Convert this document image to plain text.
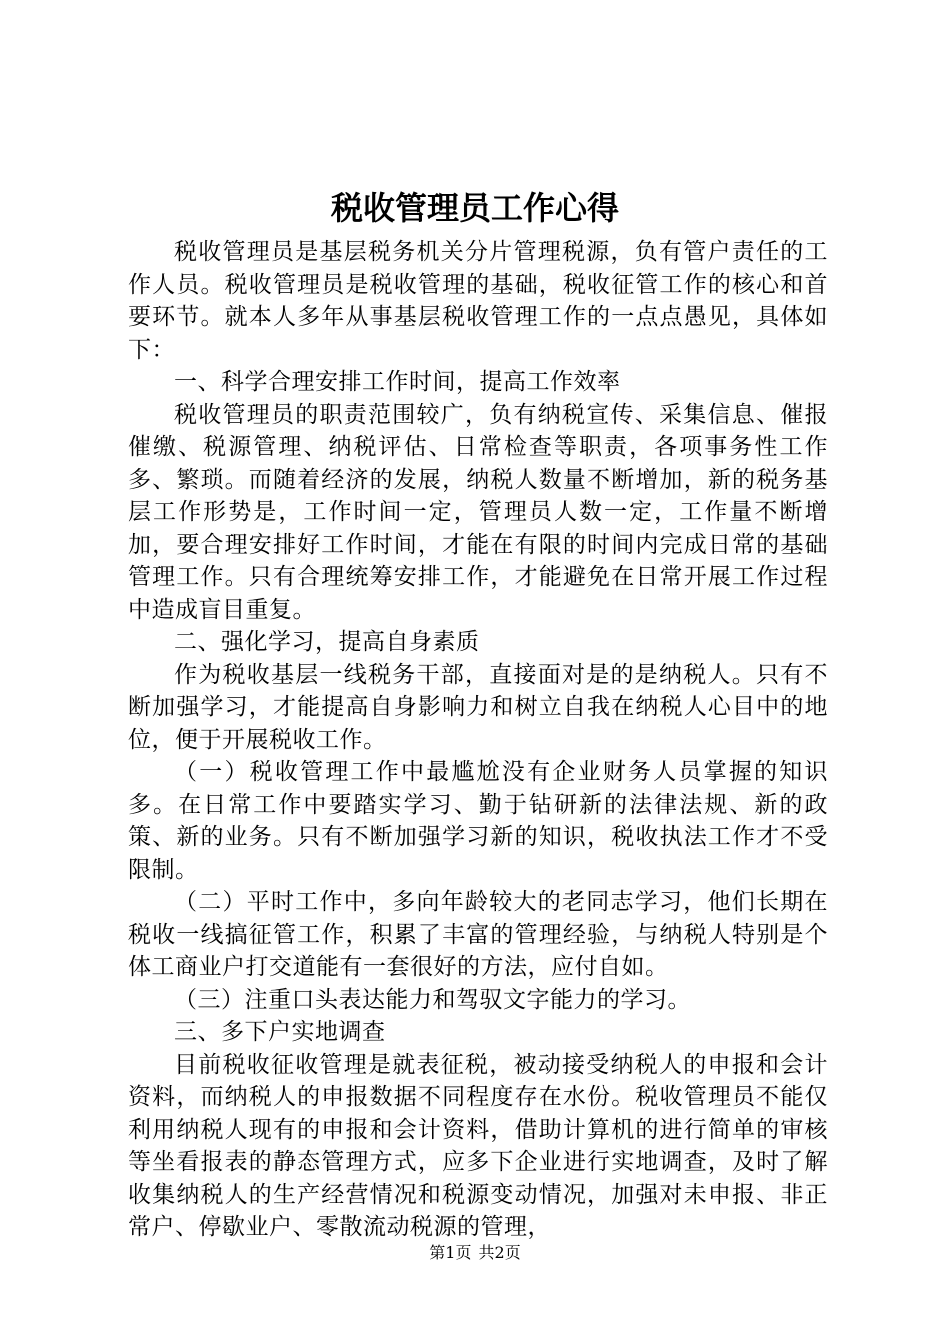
税收管理员工作心得

税收管理员是基层税务机关分片管理税源，负有管户责任的工作人员。税收管理员是税收管理的基础，税收征管工作的核心和首要环节。就本人多年从事基层税收管理工作的一点点愚见，具体如下：

一、科学合理安排工作时间，提高工作效率

税收管理员的职责范围较广，负有纳税宣传、采集信息、催报催缴、税源管理、纳税评估、日常检查等职责，各项事务性工作多、繁琐。而随着经济的发展，纳税人数量不断增加，新的税务基层工作形势是，工作时间一定，管理员人数一定，工作量不断增加，要合理安排好工作时间，才能在有限的时间内完成日常的基础管理工作。只有合理统筹安排工作，才能避免在日常开展工作过程中造成盲目重复。

二、强化学习，提高自身素质

作为税收基层一线税务干部，直接面对是的是纳税人。只有不断加强学习，才能提高自身影响力和树立自我在纳税人心目中的地位，便于开展税收工作。

（一）税收管理工作中最尴尬没有企业财务人员掌握的知识多。在日常工作中要踏实学习、勤于钻研新的法律法规、新的政策、新的业务。只有不断加强学习新的知识，税收执法工作才不受限制。

（二）平时工作中，多向年龄较大的老同志学习，他们长期在税收一线搞征管工作，积累了丰富的管理经验，与纳税人特别是个体工商业户打交道能有一套很好的方法，应付自如。

（三）注重口头表达能力和驾驭文字能力的学习。

三、多下户实地调查

目前税收征收管理是就表征税，被动接受纳税人的申报和会计资料，而纳税人的申报数据不同程度存在水份。税收管理员不能仅利用纳税人现有的申报和会计资料，借助计算机的进行简单的审核等坐看报表的静态管理方式，应多下企业进行实地调查，及时了解收集纳税人的生产经营情况和税源变动情况，加强对未申报、非正常户、停歇业户、零散流动税源的管理，

第1页 共2页
